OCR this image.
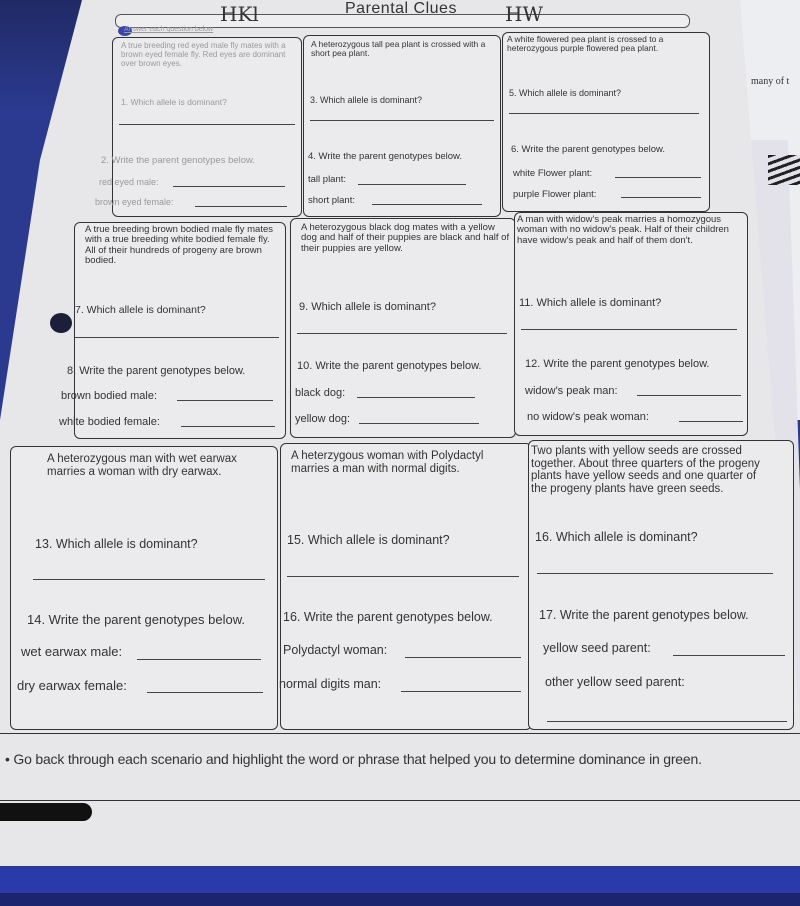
many of t
HKl	Parental Clues HW
Answer each question below
A true breeding red eyed male fly mates with a brown eyed female fly. Red eyes are dominant over brown eyes.
1. Which allele is dominant?
2. Write the parent genotypes below.
red eyed male:
brown eyed female:
A heterozygous tall pea plant is crossed with a short pea plant.
3. Which allele is dominant?
4. Write the parent genotypes below.
tall plant:
short plant:
A white flowered pea plant is crossed to a heterozygous purple flowered pea plant.
5. Which allele is dominant?
6. Write the parent genotypes below.
white Flower plant:
purple Flower plant:
A true breeding brown bodied male fly mates with a true breeding white bodied female fly. All of their hundreds of progeny are brown bodied.
7. Which allele is dominant?
8. Write the parent genotypes below.
brown bodied male:
white bodied female:
A heterozygous black dog mates with a yellow dog and half of their puppies are black and half of their puppies are yellow.
9. Which allele is dominant?
10. Write the parent genotypes below.
black dog:
yellow dog:
A man with widow's peak marries a homozygous woman with no widow's peak. Half of their children have widow's peak and half of them don't.
11. Which allele is dominant?
12. Write the parent genotypes below.
widow's peak man:
no widow's peak woman:
A heterozygous man with wet earwax marries a woman with dry earwax.
13. Which allele is dominant?
14. Write the parent genotypes below.
wet earwax male:
dry earwax female:
A heterzygous woman with Polydactyl marries a man with normal digits.
15. Which allele is dominant?
16. Write the parent genotypes below.
Polydactyl woman:
normal digits man:
Two plants with yellow seeds are crossed together. About three quarters of the progeny plants have yellow seeds and one quarter of the progeny plants have green seeds.
16. Which allele is dominant?
17. Write the parent genotypes below.
yellow seed parent:
other yellow seed parent:
• Go back through each scenario and highlight the word or phrase that helped you to determine dominance in green.
